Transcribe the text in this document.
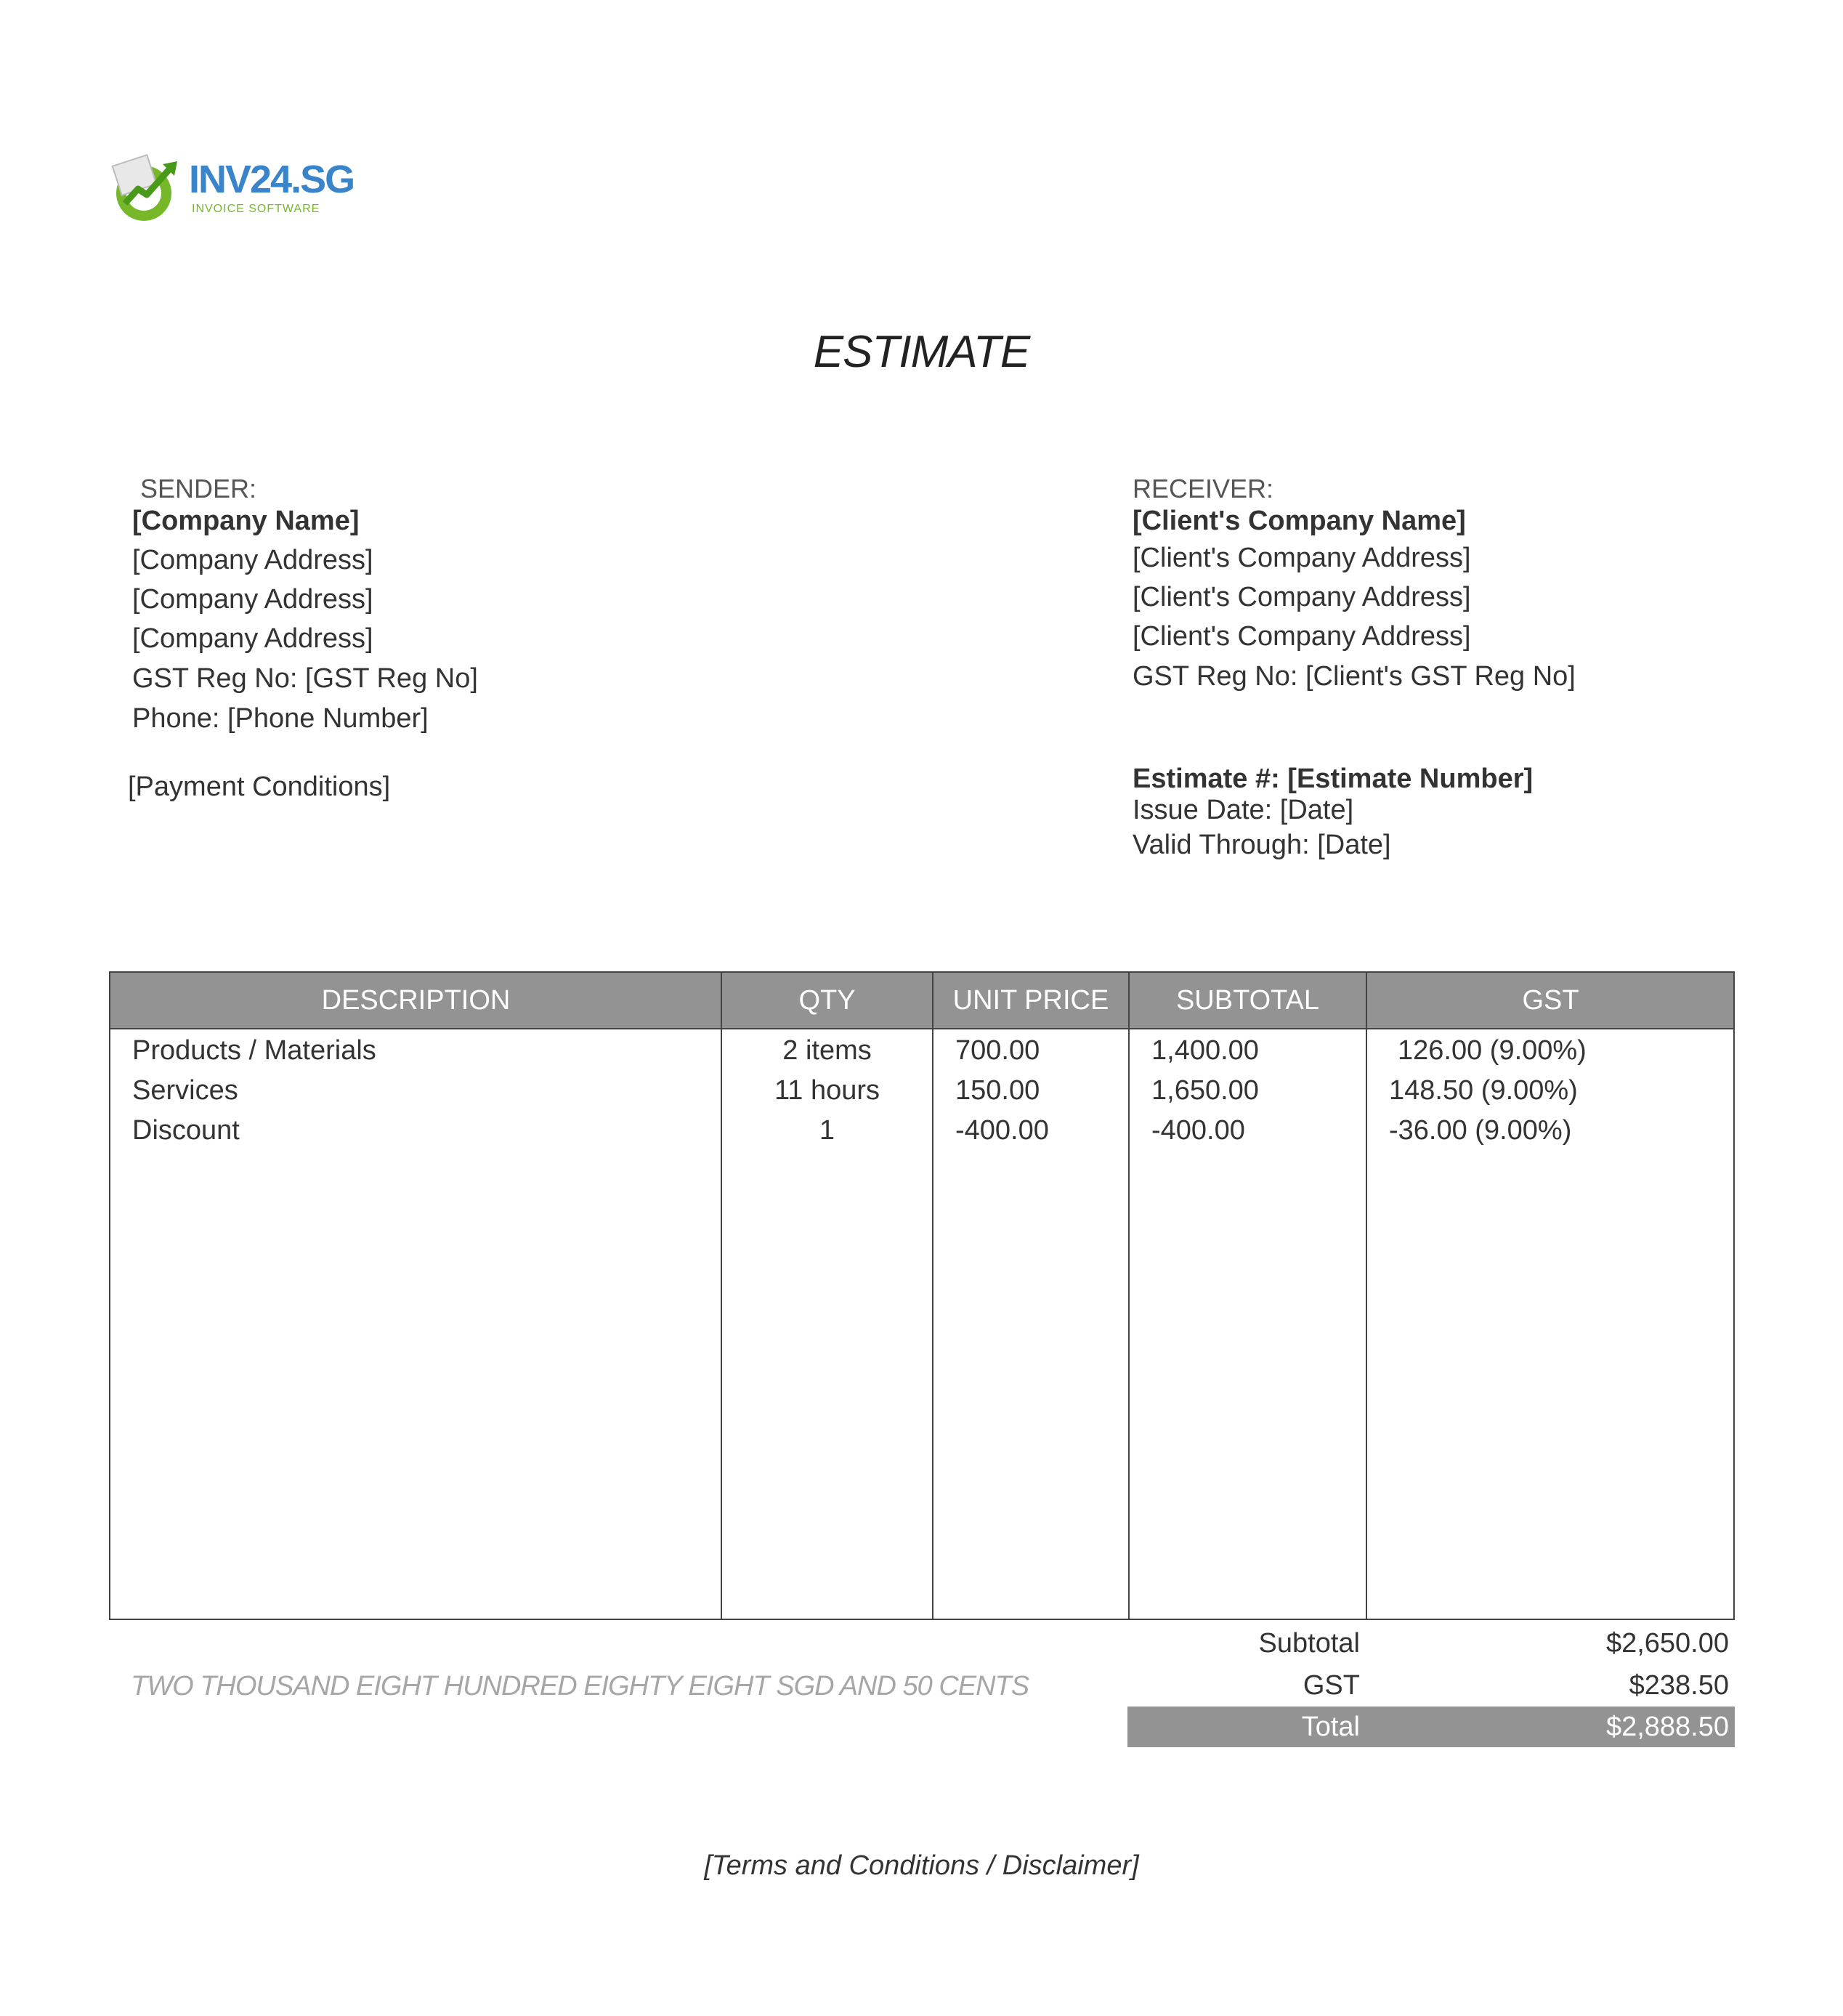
INV24.SG
INVOICE SOFTWARE
ESTIMATE
SENDER:
[Company Name]
[Company Address]
[Company Address]
[Company Address]
GST Reg No: [GST Reg No]
Phone: [Phone Number]
[Payment Conditions]
RECEIVER:
[Client's Company Name]
[Client's Company Address]
[Client's Company Address]
[Client's Company Address]
GST Reg No: [Client's GST Reg No]
Estimate #: [Estimate Number]
Issue Date: [Date]
Valid Through: [Date]
DESCRIPTION	QTY	UNIT PRICE	SUBTOTAL	GST
Products / Materials	2 items	700.00	1,400.00	126.00 (9.00%)
Services	11 hours	150.00	1,650.00	148.50 (9.00%)
Discount	1	-400.00	-400.00	-36.00 (9.00%)
Subtotal	$2,650.00
GST	$238.50
Total	$2,888.50
TWO THOUSAND EIGHT HUNDRED EIGHTY EIGHT SGD AND 50 CENTS
[Terms and Conditions / Disclaimer]
